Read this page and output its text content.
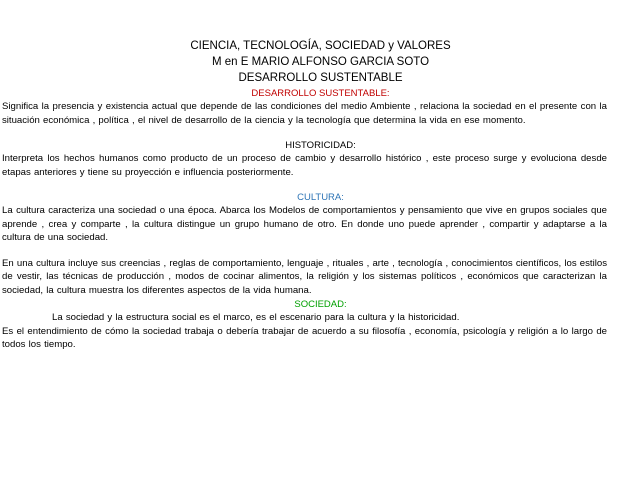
CIENCIA, TECNOLOGÍA, SOCIEDAD y VALORES
M en E MARIO ALFONSO GARCIA SOTO
DESARROLLO SUSTENTABLE
DESARROLLO SUSTENTABLE:

Significa la presencia y existencia actual que depende de las condiciones del medio Ambiente , relaciona la sociedad en el presente con la situación económica , política , el nivel de desarrollo de la ciencia y la tecnología que determina la vida en ese momento.

HISTORICIDAD:

Interpreta los hechos humanos como producto de un proceso de cambio y desarrollo histórico , este proceso surge y evoluciona desde etapas anteriores y tiene su proyección e influencia posteriormente.

CULTURA:

La cultura caracteriza una sociedad o una época. Abarca los Modelos de comportamientos y pensamiento que vive en grupos sociales que aprende , crea y comparte , la cultura distingue un grupo humano de otro. En donde uno puede aprender , compartir y adaptarse a la cultura de una sociedad.

En una cultura incluye sus creencias , reglas de comportamiento, lenguaje , rituales , arte , tecnología , conocimientos científicos, los estilos de vestir, las técnicas de producción , modos de cocinar alimentos, la religión y los sistemas políticos , económicos que caracterizan la sociedad, la cultura muestra los diferentes aspectos de la vida humana.

SOCIEDAD:

La sociedad y la estructura social es el marco, es el escenario para la cultura y la historicidad.

Es el entendimiento de cómo la sociedad trabaja o debería trabajar de acuerdo a su filosofía , economía, psicología y religión a lo largo de todos los tiempo.
